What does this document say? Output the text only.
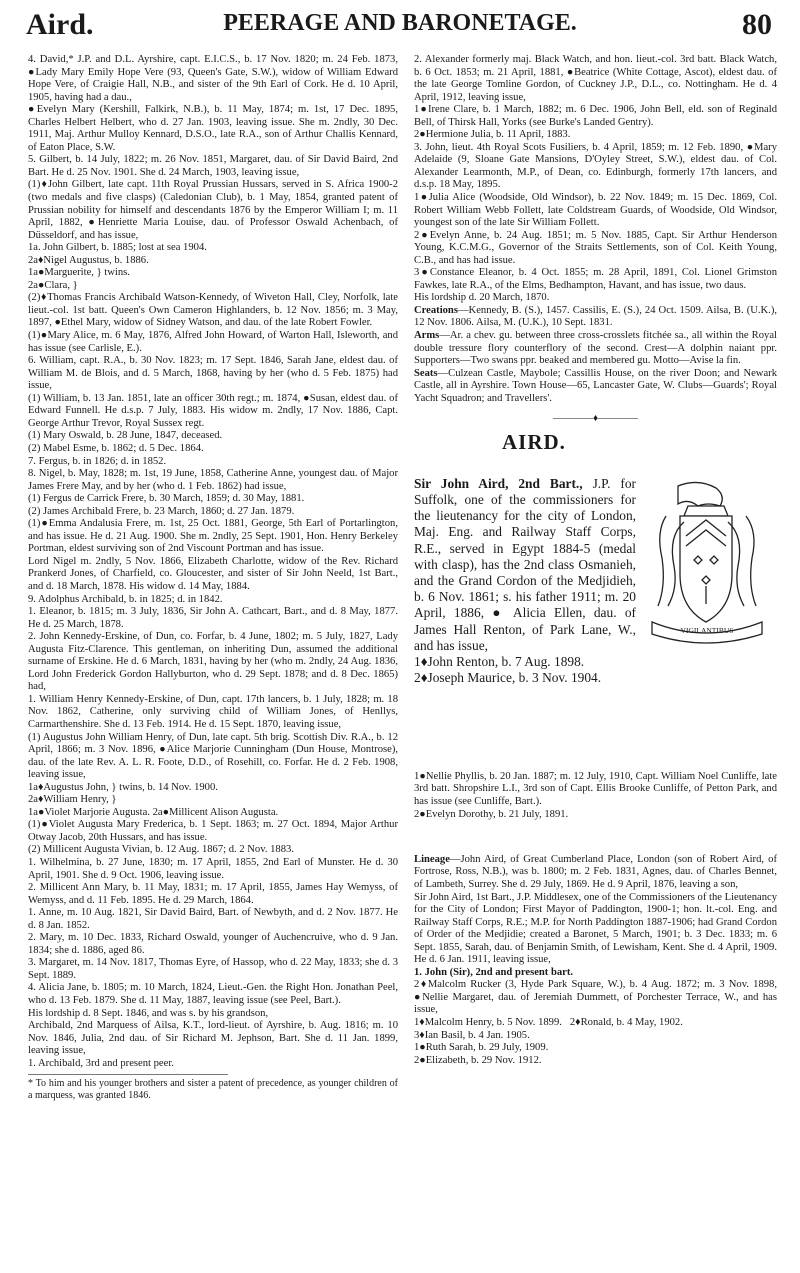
Aird.	PEERAGE AND BARONETAGE.	80

4. David,* J.P. and D.L. Ayrshire, capt. E.I.C.S., b. 17 Nov. 1820; m. 24 Feb. 1873, ●Lady Mary Emily Hope Vere (93, Queen's Gate, S.W.), widow of William Edward Hope Vere, of Craigie Hall, N.B., and sister of the 9th Earl of Cork. He d. 10 April, 1905, having had a dau.,

●Evelyn Mary (Kershill, Falkirk, N.B.), b. 11 May, 1874; m. 1st, 17 Dec. 1895, Charles Helbert Helbert, who d. 27 Jan. 1903, leaving issue. She m. 2ndly, 30 Dec. 1911, Maj. Arthur Mulloy Kennard, D.S.O., late R.A., son of Arthur Challis Kennard, of Eaton Place, S.W.

5. Gilbert, b. 14 July, 1822; m. 26 Nov. 1851, Margaret, dau. of Sir David Baird, 2nd Bart. He d. 25 Nov. 1901. She d. 24 March, 1903, leaving issue,

(1)♦John Gilbert, late capt. 11th Royal Prussian Hussars, served in S. Africa 1900-2 (two medals and five clasps) (Caledonian Club), b. 1 May, 1854, granted patent of Prussian nobility for himself and descendants 1876 by the Emperor William I; m. 11 April, 1882, ●Henriette Maria Louise, dau. of Professor Oswald Achenbach, of Düsseldorf, and has issue,

1a. John Gilbert, b. 1885; lost at sea 1904.

2a♦Nigel Augustus, b. 1886.

1a●Marguerite, } twins.

2a●Clara, }

(2)♦Thomas Francis Archibald Watson-Kennedy, of Wiveton Hall, Cley, Norfolk, late lieut.-col. 1st batt. Queen's Own Cameron Highlanders, b. 12 Nov. 1856; m. 3 May, 1897, ●Ethel Mary, widow of Sidney Watson, and dau. of the late Robert Fowler.

(1)●Mary Alice, m. 6 May, 1876, Alfred John Howard, of Warton Hall, Isleworth, and has issue (see Carlisle, E.).

6. William, capt. R.A., b. 30 Nov. 1823; m. 17 Sept. 1846, Sarah Jane, eldest dau. of William M. de Blois, and d. 5 March, 1868, having by her (who d. 5 Feb. 1875) had issue,

(1) William, b. 13 Jan. 1851, late an officer 30th regt.; m. 1874, ●Susan, eldest dau. of Edward Funnell. He d.s.p. 7 July, 1883. His widow m. 2ndly, 17 Nov. 1886, Capt. George Arthur Trevor, Royal Sussex regt.

(1) Mary Oswald, b. 28 June, 1847, deceased.

(2) Mabel Esme, b. 1862; d. 5 Dec. 1864.

7. Fergus, b. in 1826; d. in 1852.

8. Nigel, b. May, 1828; m. 1st, 19 June, 1858, Catherine Anne, youngest dau. of Major James Frere May, and by her (who d. 1 Feb. 1862) had issue,

(1) Fergus de Carrick Frere, b. 30 March, 1859; d. 30 May, 1881.

(2) James Archibald Frere, b. 23 March, 1860; d. 27 Jan. 1879.

(1)●Emma Andalusia Frere, m. 1st, 25 Oct. 1881, George, 5th Earl of Portarlington, and has issue. He d. 21 Aug. 1900. She m. 2ndly, 25 Sept. 1901, Hon. Henry Berkeley Portman, eldest surviving son of 2nd Viscount Portman and has issue.

Lord Nigel m. 2ndly, 5 Nov. 1866, Elizabeth Charlotte, widow of the Rev. Richard Prankerd Jones, of Charfield, co. Gloucester, and sister of Sir John Neeld, 1st Bart., and d. 18 March, 1878. His widow d. 14 May, 1884.

9. Adolphus Archibald, b. in 1825; d. in 1842.

1. Eleanor, b. 1815; m. 3 July, 1836, Sir John A. Cathcart, Bart., and d. 8 May, 1877. He d. 25 March, 1878.

2. John Kennedy-Erskine, of Dun, co. Forfar, b. 4 June, 1802; m. 5 July, 1827, Lady Augusta Fitz-Clarence. This gentleman, on inheriting Dun, assumed the additional surname of Erskine. He d. 6 March, 1831, having by her (who m. 2ndly, 24 Aug. 1836, Lord John Frederick Gordon Hallyburton, who d. 29 Sept. 1878; and d. 8 Dec. 1865) had,

1. William Henry Kennedy-Erskine, of Dun, capt. 17th lancers, b. 1 July, 1828; m. 18 Nov. 1862, Catherine, only surviving child of William Jones, of Henllys, Carmarthenshire. She d. 13 Feb. 1914. He d. 15 Sept. 1870, leaving issue,

(1) Augustus John William Henry, of Dun, late capt. 5th brig. Scottish Div. R.A., b. 12 April, 1866; m. 3 Nov. 1896, ●Alice Marjorie Cunningham (Dun House, Montrose), dau. of the late Rev. A. L. R. Foote, D.D., of Rosehill, co. Forfar. He d. 2 Feb. 1908, leaving issue,

1a♦Augustus John, } twins, b. 14 Nov. 1900.

2a♦William Henry, }

1a●Violet Marjorie Augusta. 2a●Millicent Alison Augusta.

(1)●Violet Augusta Mary Frederica, b. 1 Sept. 1863; m. 27 Oct. 1894, Major Arthur Otway Jacob, 20th Hussars, and has issue.

(2) Millicent Augusta Vivian, b. 12 Aug. 1867; d. 2 Nov. 1883.

1. Wilhelmina, b. 27 June, 1830; m. 17 April, 1855, 2nd Earl of Munster. He d. 30 April, 1901. She d. 9 Oct. 1906, leaving issue.

2. Millicent Ann Mary, b. 11 May, 1831; m. 17 April, 1855, James Hay Wemyss, of Wemyss, and d. 11 Feb. 1895. He d. 29 March, 1864.

1. Anne, m. 10 Aug. 1821, Sir David Baird, Bart. of Newbyth, and d. 2 Nov. 1877. He d. 8 Jan. 1852.

2. Mary, m. 10 Dec. 1833, Richard Oswald, younger of Auchencruive, who d. 9 Jan. 1834; she d. 1886, aged 86.

3. Margaret, m. 14 Nov. 1817, Thomas Eyre, of Hassop, who d. 22 May, 1833; she d. 3 Sept. 1889.

4. Alicia Jane, b. 1805; m. 10 March, 1824, Lieut.-Gen. the Right Hon. Jonathan Peel, who d. 13 Feb. 1879. She d. 11 May, 1887, leaving issue (see Peel, Bart.).

His lordship d. 8 Sept. 1846, and was s. by his grandson,

Archibald, 2nd Marquess of Ailsa, K.T., lord-lieut. of Ayrshire, b. Aug. 1816; m. 10 Nov. 1846, Julia, 2nd dau. of Sir Richard M. Jephson, Bart. She d. 11 Jan. 1899, leaving issue,

1. Archibald, 3rd and present peer.

* To him and his younger brothers and sister a patent of precedence, as younger children of a marquess, was granted 1846.

2. Alexander formerly maj. Black Watch, and hon. lieut.-col. 3rd batt. Black Watch, b. 6 Oct. 1853; m. 21 April, 1881, ●Beatrice (White Cottage, Ascot), eldest dau. of the late George Tomline Gordon, of Cuckney J.P., D.L., co. Nottingham. He d. 4 April, 1912, leaving issue,

1●Irene Clare, b. 1 March, 1882; m. 6 Dec. 1906, John Bell, eld. son of Reginald Bell, of Thirsk Hall, Yorks (see Burke's Landed Gentry).

2●Hermione Julia, b. 11 April, 1883.

3. John, lieut. 4th Royal Scots Fusiliers, b. 4 April, 1859; m. 12 Feb. 1890, ●Mary Adelaide (9, Sloane Gate Mansions, D'Oyley Street, S.W.), eldest dau. of Col. Alexander Learmonth, M.P., of Dean, co. Edinburgh, formerly 17th lancers, and d.s.p. 18 May, 1895.

1●Julia Alice (Woodside, Old Windsor), b. 22 Nov. 1849; m. 15 Dec. 1869, Col. Robert William Webb Follett, late Coldstream Guards, of Woodside, Old Windsor, youngest son of the late Sir William Follett.

2●Evelyn Anne, b. 24 Aug. 1851; m. 5 Nov. 1885, Capt. Sir Arthur Henderson Young, K.C.M.G., Governor of the Straits Settlements, son of Col. Keith Young, C.B., and has had issue.

3●Constance Eleanor, b. 4 Oct. 1855; m. 28 April, 1891, Col. Lionel Grimston Fawkes, late R.A., of the Elms, Bedhampton, Havant, and has issue, two daus.

His lordship d. 20 March, 1870.

Creations—Kennedy, B. (S.), 1457. Cassilis, E. (S.), 24 Oct. 1509. Ailsa, B. (U.K.), 12 Nov. 1806. Ailsa, M. (U.K.), 10 Sept. 1831.

Arms—Ar. a chev. gu. between three cross-crosslets fitchée sa., all within the Royal double tressure flory counterflory of the second. Crest—A dolphin naiant ppr. Supporters—Two swans ppr. beaked and membered gu. Motto—Avise la fin.

Seats—Culzean Castle, Maybole; Cassillis House, on the river Doon; and Newark Castle, all in Ayrshire. Town House—65, Lancaster Gate, W. Clubs—Guards'; Royal Yacht Squadron; and Travellers'.

————♦————
AIRD.
Sir John Aird, 2nd Bart., J.P. for Suffolk, one of the commissioners for the lieutenancy for the city of London, Maj. Eng. and Railway Staff Corps, R.E., served in Egypt 1884-5 (medal with clasp), has the 2nd class Osmanieh, and the Grand Cordon of the Medjidieh, b. 6 Nov. 1861; s. his father 1911; m. 20 April, 1886, ● Alicia Ellen, dau. of James Hall Renton, of Park Lane, W., and has issue,

1♦John Renton, b. 7 Aug. 1898.

2♦Joseph Maurice, b. 3 Nov. 1904.

VIGILANTIBUS

1●Nellie Phyllis, b. 20 Jan. 1887; m. 12 July, 1910, Capt. William Noel Cunliffe, late 3rd batt. Shropshire L.I., 3rd son of Capt. Ellis Brooke Cunliffe, of Petton Park, and has issue (see Cunliffe, Bart.).

2●Evelyn Dorothy, b. 21 July, 1891.

Lineage—John Aird, of Great Cumberland Place, London (son of Robert Aird, of Fortrose, Ross, N.B.), was b. 1800; m. 2 Feb. 1831, Agnes, dau. of Charles Bennet, of Lambeth, Surrey. She d. 29 July, 1869. He d. 9 April, 1876, leaving a son,

Sir John Aird, 1st Bart., J.P. Middlesex, one of the Commissioners of the Lieutenancy for the City of London; First Mayor of Paddington, 1900-1; hon. lt.-col. Eng. and Railway Staff Corps, R.E.; M.P. for North Paddington 1887-1906; had Grand Cordon of Order of the Medjidie; created a Baronet, 5 March, 1901; b. 3 Dec. 1833; m. 6 Sept. 1855, Sarah, dau. of Benjamin Smith, of Lewisham, Kent. She d. 4 April, 1909. He d. 6 Jan. 1911, leaving issue,

1. John (Sir), 2nd and present bart.

2♦Malcolm Rucker (3, Hyde Park Square, W.), b. 4 Aug. 1872; m. 3 Nov. 1898, ●Nellie Margaret, dau. of Jeremiah Dummett, of Porchester Terrace, W., and has issue,

1♦Malcolm Henry, b. 5 Nov. 1899. 2♦Ronald, b. 4 May, 1902.

3♦Ian Basil, b. 4 Jan. 1905.

1●Ruth Sarah, b. 29 July, 1909.

2●Elizabeth, b. 29 Nov. 1912.
